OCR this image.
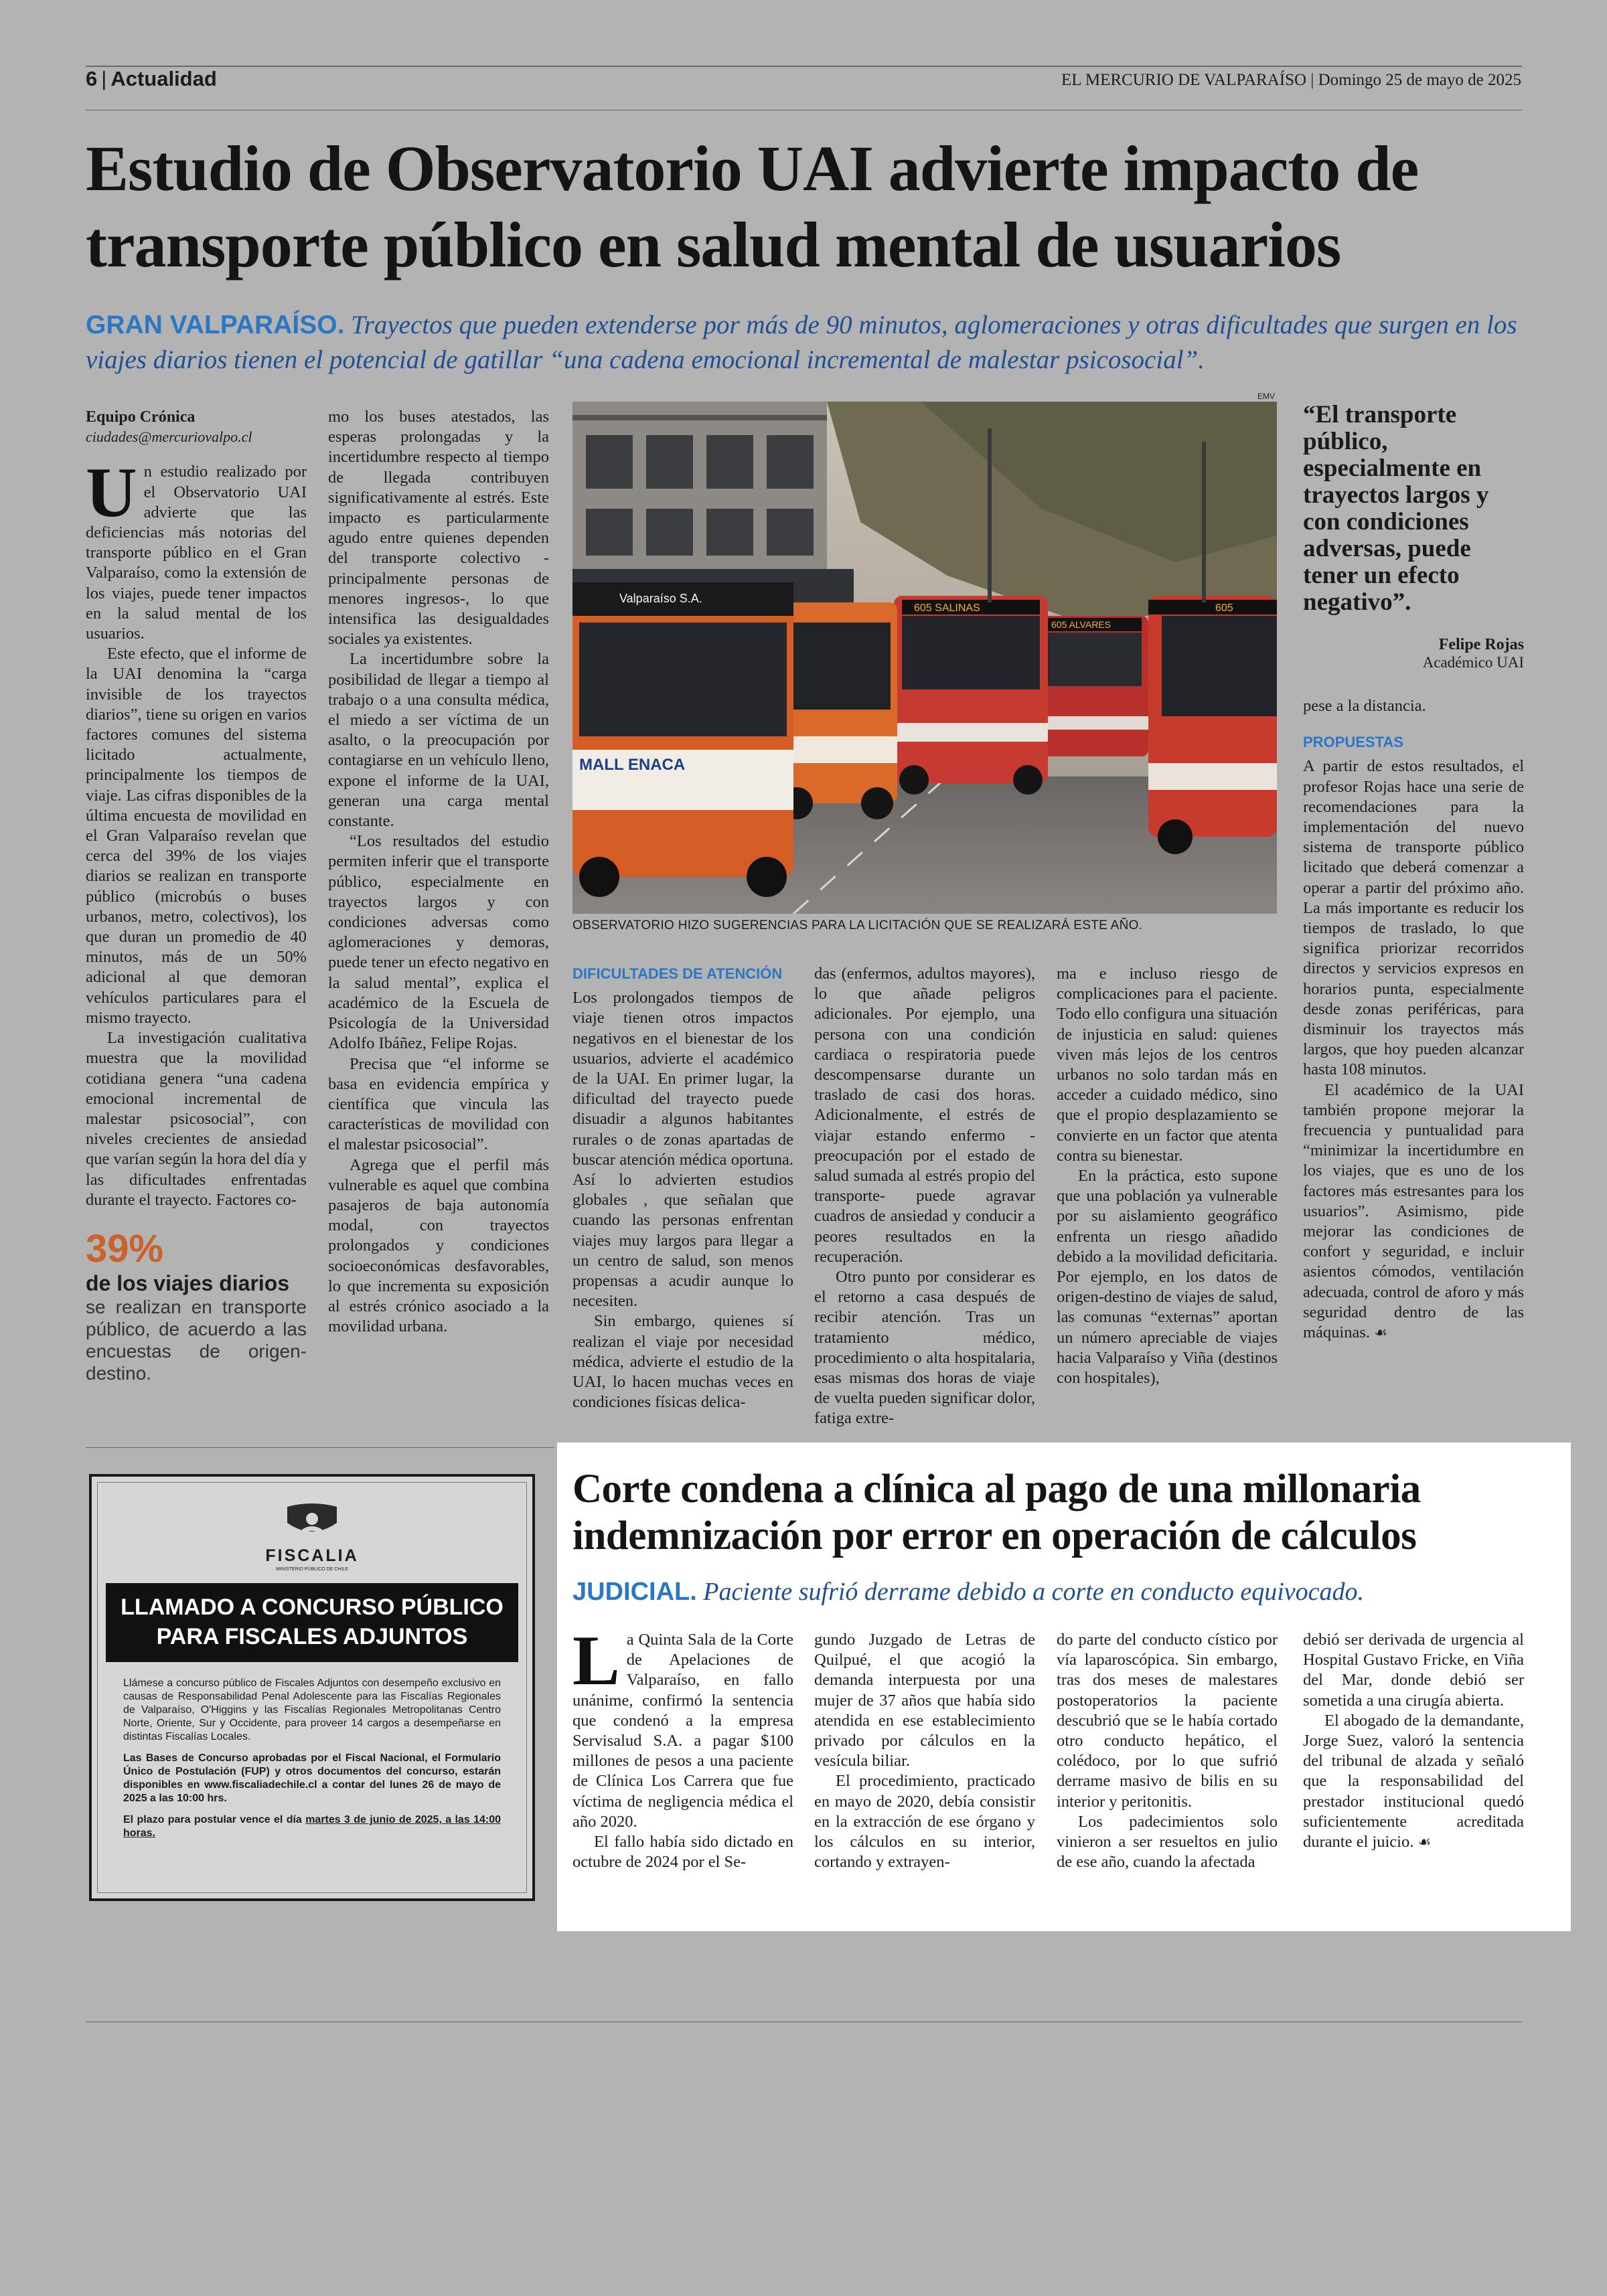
6 | Actualidad	EL MERCURIO DE VALPARAÍSO | Domingo 25 de mayo de 2025
Estudio de Observatorio UAI advierte impacto de
transporte público en salud mental de usuarios
GRAN VALPARAÍSO. Trayectos que pueden extenderse por más de 90 minutos, aglomeraciones y otras dificultades que surgen en los viajes diarios tienen el potencial de gatillar “una cadena emocional incremental de malestar psicosocial”.
Equipo Crónica
ciudades@mercuriovalpo.cl

Un estudio realizado por el Observatorio UAI advierte que las deficiencias más notorias del transporte público en el Gran Valparaíso, como la extensión de los viajes, puede tener impactos en la salud mental de los usuarios.

Este efecto, que el informe de la UAI denomina la “carga invisible de los trayectos diarios”, tiene su origen en varios factores comunes del sistema licitado actualmente, principalmente los tiempos de viaje. Las cifras disponibles de la última encuesta de movilidad en el Gran Valparaíso revelan que cerca del 39% de los viajes diarios se realizan en transporte público (microbús o buses urbanos, metro, colectivos), los que duran un promedio de 40 minutos, más de un 50% adicional al que demoran vehículos particulares para el mismo trayecto.

La investigación cualitativa muestra que la movilidad cotidiana genera “una cadena emocional incremental de malestar psicosocial”, con niveles crecientes de ansiedad que varían según la hora del día y las dificultades enfrentadas durante el trayecto. Factores co-

39%
de los viajes diarios
se realizan en transporte público, de acuerdo a las encuestas de origen-destino.

mo los buses atestados, las esperas prolongadas y la incertidumbre respecto al tiempo de llegada contribuyen significativamente al estrés. Este impacto es particularmente agudo entre quienes dependen del transporte colectivo -principalmente personas de menores ingresos-, lo que intensifica las desigualdades sociales ya existentes.

La incertidumbre sobre la posibilidad de llegar a tiempo al trabajo o a una consulta médica, el miedo a ser víctima de un asalto, o la preocupación por contagiarse en un vehículo lleno, expone el informe de la UAI, generan una carga mental constante.

“Los resultados del estudio permiten inferir que el transporte público, especialmente en trayectos largos y con condiciones adversas como aglomeraciones y demoras, puede tener un efecto negativo en la salud mental”, explica el académico de la Escuela de Psicología de la Universidad Adolfo Ibáñez, Felipe Rojas.

Precisa que “el informe se basa en evidencia empírica y científica que vincula las características de movilidad con el malestar psicosocial”.

Agrega que el perfil más vulnerable es aquel que combina pasajeros de baja autonomía modal, con trayectos prolongados y condiciones socioeconómicas desfavorables, lo que incrementa su exposición al estrés crónico asociado a la movilidad urbana.

EMV
605 ALVARES
605 SALINAS
Valparaíso S.A.
MALL ENACA
605
OBSERVATORIO HIZO SUGERENCIAS PARA LA LICITACIÓN QUE SE REALIZARÁ ESTE AÑO.
DIFICULTADES DE ATENCIÓN

Los prolongados tiempos de viaje tienen otros impactos negativos en el bienestar de los usuarios, advierte el académico de la UAI. En primer lugar, la dificultad del trayecto puede disuadir a algunos habitantes rurales o de zonas apartadas de buscar atención médica oportuna. Así lo advierten estudios globales , que señalan que cuando las personas enfrentan viajes muy largos para llegar a un centro de salud, son menos propensas a acudir aunque lo necesiten.

Sin embargo, quienes sí realizan el viaje por necesidad médica, advierte el estudio de la UAI, lo hacen muchas veces en condiciones físicas delica-

das (enfermos, adultos mayores), lo que añade peligros adicionales. Por ejemplo, una persona con una condición cardiaca o respiratoria puede descompensarse durante un traslado de casi dos horas. Adicionalmente, el estrés de viajar estando enfermo -preocupación por el estado de salud sumada al estrés propio del transporte- puede agravar cuadros de ansiedad y conducir a peores resultados en la recuperación.

Otro punto por considerar es el retorno a casa después de recibir atención. Tras un tratamiento médico, procedimiento o alta hospitalaria, esas mismas dos horas de viaje de vuelta pueden significar dolor, fatiga extre-

ma e incluso riesgo de complicaciones para el paciente. Todo ello configura una situación de injusticia en salud: quienes viven más lejos de los centros urbanos no solo tardan más en acceder a cuidado médico, sino que el propio desplazamiento se convierte en un factor que atenta contra su bienestar.

En la práctica, esto supone que una población ya vulnerable por su aislamiento geográfico enfrenta un riesgo añadido debido a la movilidad deficitaria. Por ejemplo, en los datos de origen-destino de viajes de salud, las comunas “externas” aportan un número apreciable de viajes hacia Valparaíso y Viña (destinos con hospitales),

“El transporte público, especialmente en trayectos largos y con condiciones adversas, puede tener un efecto negativo”.
Felipe Rojas
Académico UAI

pese a la distancia.

PROPUESTAS

A partir de estos resultados, el profesor Rojas hace una serie de recomendaciones para la implementación del nuevo sistema de transporte público licitado que deberá comenzar a operar a partir del próximo año. La más importante es reducir los tiempos de traslado, lo que significa priorizar recorridos directos y servicios expresos en horarios punta, especialmente desde zonas periféricas, para disminuir los trayectos más largos, que hoy pueden alcanzar hasta 108 minutos.

El académico de la UAI también propone mejorar la frecuencia y puntualidad para “minimizar la incertidumbre en los viajes, que es uno de los factores más estresantes para los usuarios”. Asimismo, pide mejorar las condiciones de confort y seguridad, e incluir asientos cómodos, ventilación adecuada, control de aforo y más seguridad dentro de las máquinas. ☙

FISCALIA
MINISTERIO PÚBLICO DE CHILE
LLAMADO A CONCURSO PÚBLICO
PARA FISCALES ADJUNTOS

Llámese a concurso público de Fiscales Adjuntos con desempeño exclusivo en causas de Responsabilidad Penal Adolescente para las Fiscalías Regionales de Valparaíso, O'Higgins y las Fiscalías Regionales Metropolitanas Centro Norte, Oriente, Sur y Occidente, para proveer 14 cargos a desempeñarse en distintas Fiscalías Locales.

Las Bases de Concurso aprobadas por el Fiscal Nacional, el Formulario Único de Postulación (FUP) y otros documentos del concurso, estarán disponibles en www.fiscaliadechile.cl a contar del lunes 26 de mayo de 2025 a las 10:00 hrs.

El plazo para postular vence el día martes 3 de junio de 2025, a las 14:00 horas.

Corte condena a clínica al pago de una millonaria
indemnización por error en operación de cálculos
JUDICIAL. Paciente sufrió derrame debido a corte en conducto equivocado.

La Quinta Sala de la Corte de Apelaciones de Valparaíso, en fallo unánime, confirmó la sentencia que condenó a la empresa Servisalud S.A. a pagar $100 millones de pesos a una paciente de Clínica Los Carrera que fue víctima de negligencia médica el año 2020.

El fallo había sido dictado en octubre de 2024 por el Se-

gundo Juzgado de Letras de Quilpué, el que acogió la demanda interpuesta por una mujer de 37 años que había sido atendida en ese establecimiento privado por cálculos en la vesícula biliar.

El procedimiento, practicado en mayo de 2020, debía consistir en la extracción de ese órgano y los cálculos en su interior, cortando y extrayen-

do parte del conducto cístico por vía laparoscópica. Sin embargo, tras dos meses de malestares postoperatorios la paciente descubrió que se le había cortado otro conducto hepático, el colédoco, por lo que sufrió derrame masivo de bilis en su interior y peritonitis.

Los padecimientos solo vinieron a ser resueltos en julio de ese año, cuando la afectada

debió ser derivada de urgencia al Hospital Gustavo Fricke, en Viña del Mar, donde debió ser sometida a una cirugía abierta.

El abogado de la demandante, Jorge Suez, valoró la sentencia del tribunal de alzada y señaló que la responsabilidad del prestador institucional quedó suficientemente acreditada durante el juicio. ☙
